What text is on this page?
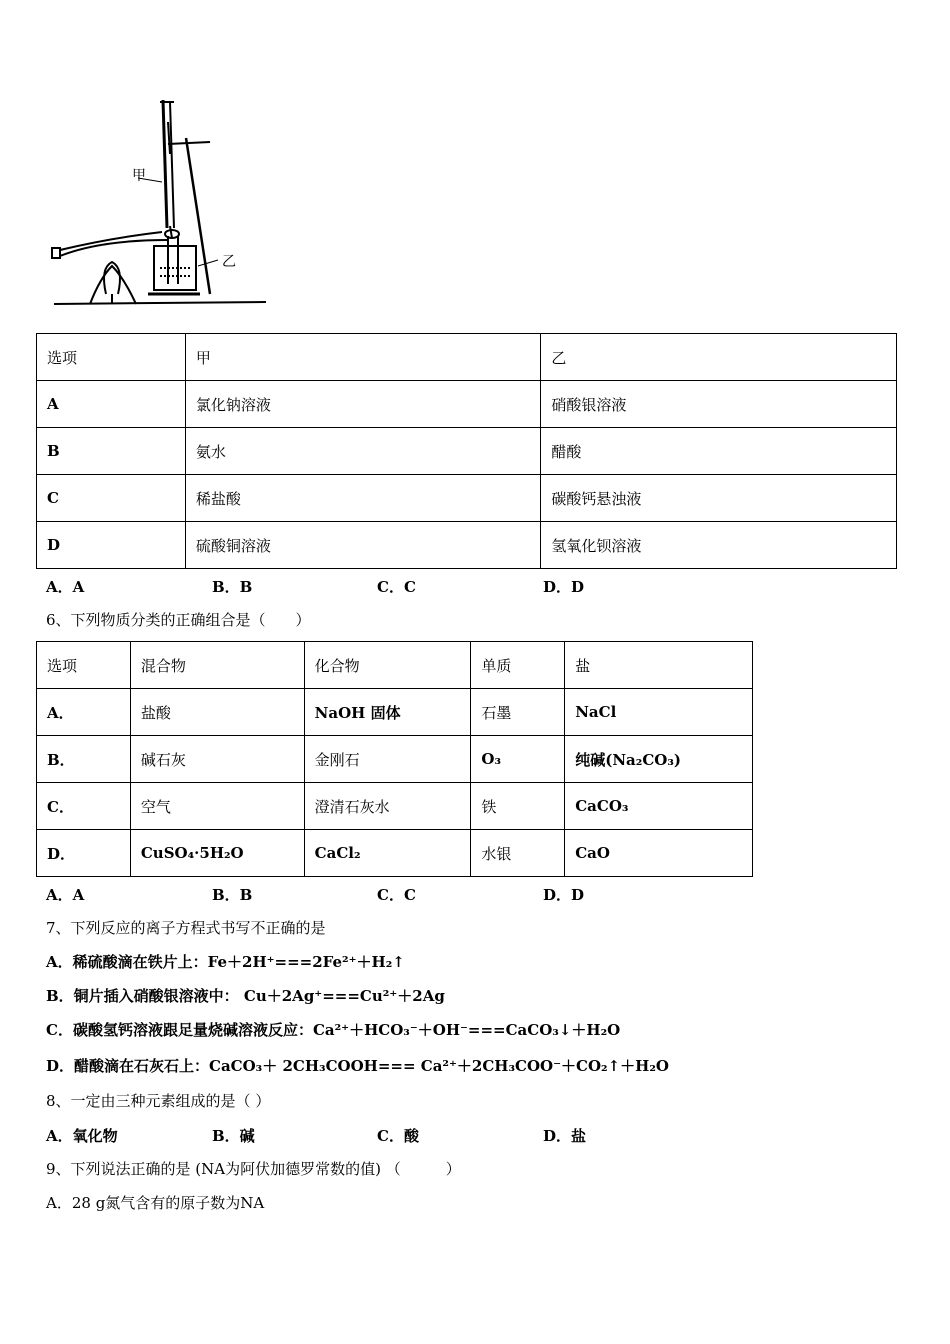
甲
乙
选项	甲	乙
A	氯化钠溶液	硝酸银溶液
B	氨水	醋酸
C	稀盐酸	碳酸钙悬浊液
D	硫酸铜溶液	氢氧化钡溶液
A．A	B．B	C．C	D．D
6、下列物质分类的正确组合是（　　）
选项	混合物	化合物	单质	盐
A．	盐酸	NaOH 固体	石墨	NaCl
B．	碱石灰	金刚石	O₃	纯碱(Na₂CO₃)
C．	空气	澄清石灰水	铁	CaCO₃
D．	CuSO₄·5H₂O	CaCl₂	水银	CaO
A．A	B．B	C．C	D．D
7、下列反应的离子方程式书写不正确的是
A．稀硫酸滴在铁片上：Fe＋2H⁺===2Fe²⁺＋H₂↑
B．铜片插入硝酸银溶液中： Cu＋2Ag⁺===Cu²⁺＋2Ag
C．碳酸氢钙溶液跟足量烧碱溶液反应：Ca²⁺＋HCO₃⁻＋OH⁻===CaCO₃↓＋H₂O
D．醋酸滴在石灰石上：CaCO₃＋ 2CH₃COOH=== Ca²⁺＋2CH₃COO⁻＋CO₂↑＋H₂O
8、一定由三种元素组成的是（ ）
A．氧化物	B．碱	C．酸	D．盐
9、下列说法正确的是 (NA为阿伏加德罗常数的值) （　　　）
A．28 g氮气含有的原子数为NA
